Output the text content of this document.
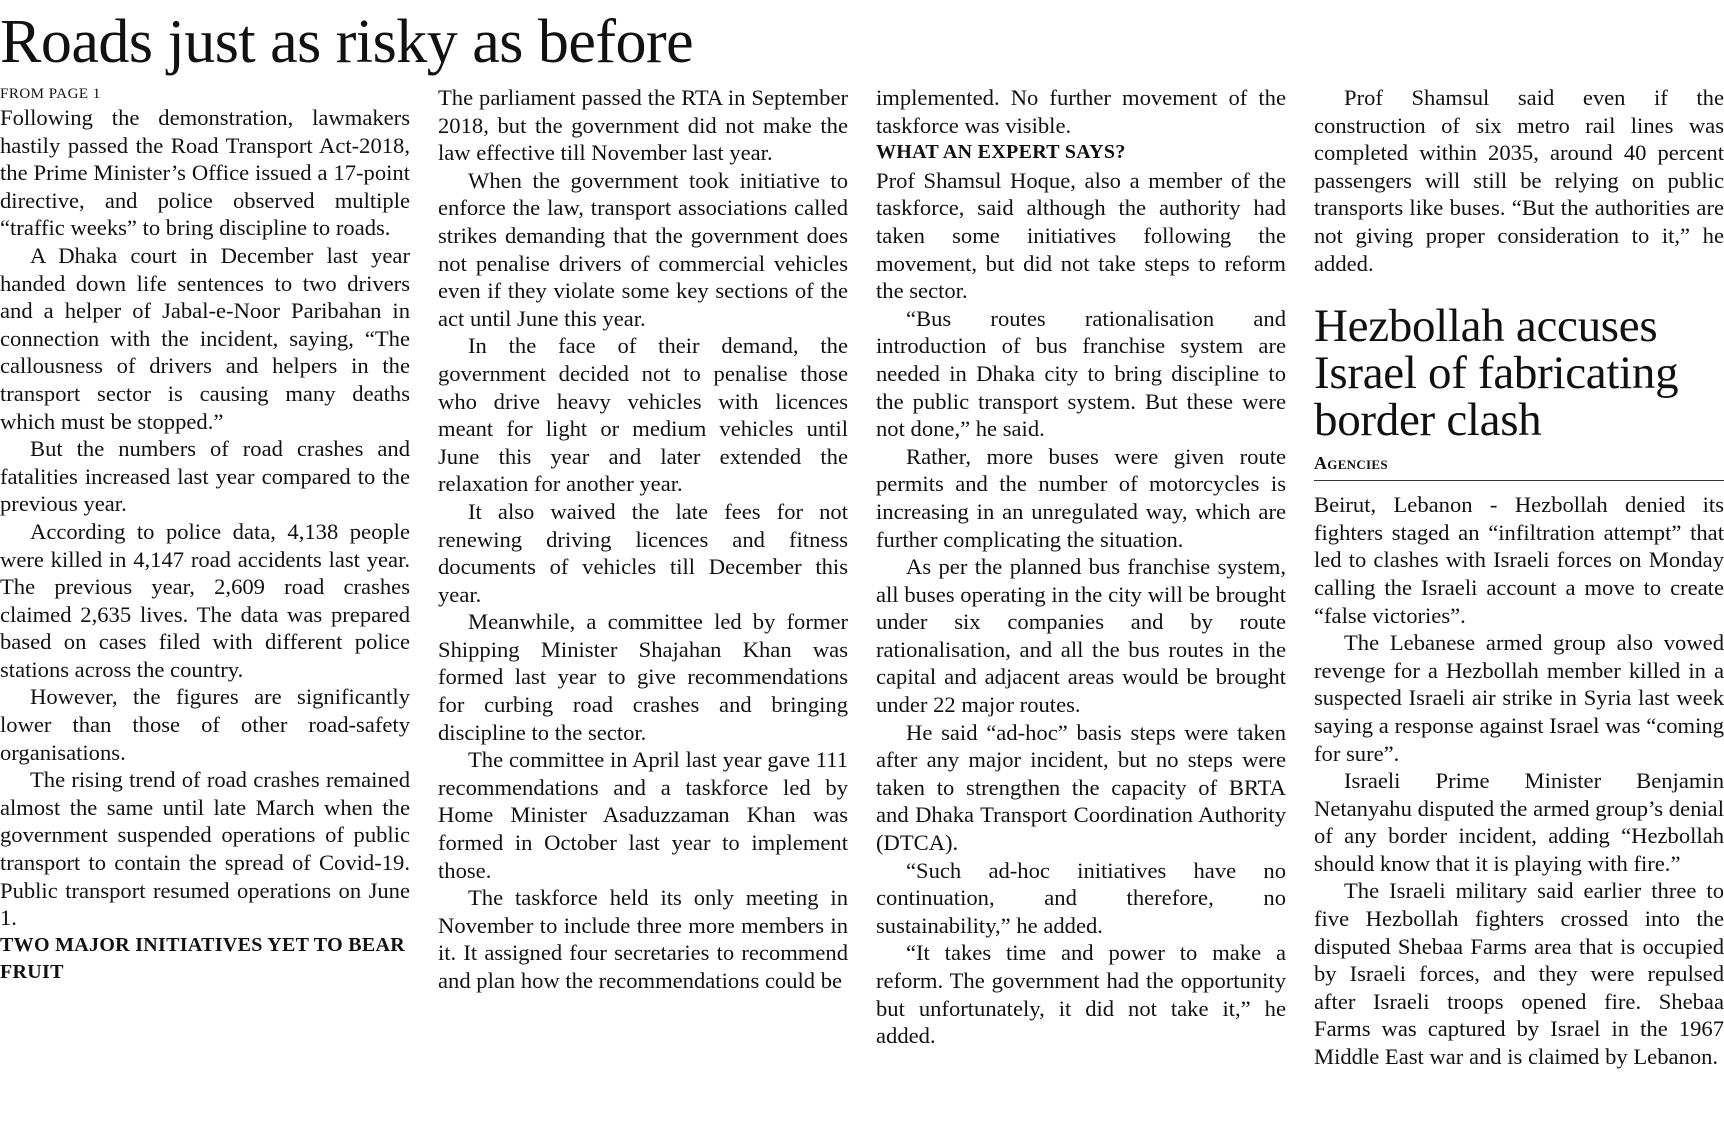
Roads just as risky as before
FROM PAGE 1

Following the demonstration, lawmakers hastily passed the Road Transport Act-2018, the Prime Minister’s Office issued a 17-point directive, and police observed multiple “traffic weeks” to bring discipline to roads.

A Dhaka court in December last year handed down life sentences to two drivers and a helper of Jabal-e-Noor Paribahan in connection with the incident, saying, “The callousness of drivers and helpers in the transport sector is causing many deaths which must be stopped.”

But the numbers of road crashes and fatalities increased last year compared to the previous year.

According to police data, 4,138 people were killed in 4,147 road accidents last year. The previous year, 2,609 road crashes claimed 2,635 lives. The data was prepared based on cases filed with different police stations across the country.

However, the figures are significantly lower than those of other road-safety organisations.

The rising trend of road crashes remained almost the same until late March when the government suspended operations of public transport to contain the spread of Covid-19. Public transport resumed operations on June 1.

TWO MAJOR INITIATIVES YET TO BEAR FRUIT

The parliament passed the RTA in September 2018, but the government did not make the law effective till November last year.

When the government took initiative to enforce the law, transport associations called strikes demanding that the government does not penalise drivers of commercial vehicles even if they violate some key sections of the act until June this year.

In the face of their demand, the government decided not to penalise those who drive heavy vehicles with licences meant for light or medium vehicles until June this year and later extended the relaxation for another year.

It also waived the late fees for not renewing driving licences and fitness documents of vehicles till December this year.

Meanwhile, a committee led by former Shipping Minister Shajahan Khan was formed last year to give recommendations for curbing road crashes and bringing discipline to the sector.

The committee in April last year gave 111 recommendations and a taskforce led by Home Minister Asaduzzaman Khan was formed in October last year to implement those.

The taskforce held its only meeting in November to include three more members in it. It assigned four secretaries to recommend and plan how the recommendations could be

implemented. No further movement of the taskforce was visible.

WHAT AN EXPERT SAYS?

Prof Shamsul Hoque, also a member of the taskforce, said although the authority had taken some initiatives following the movement, but did not take steps to reform the sector.

“Bus routes rationalisation and introduction of bus franchise system are needed in Dhaka city to bring discipline to the public transport system. But these were not done,” he said.

Rather, more buses were given route permits and the number of motorcycles is increasing in an unregulated way, which are further complicating the situation.

As per the planned bus franchise system, all buses operating in the city will be brought under six companies and by route rationalisation, and all the bus routes in the capital and adjacent areas would be brought under 22 major routes.

He said “ad-hoc” basis steps were taken after any major incident, but no steps were taken to strengthen the capacity of BRTA and Dhaka Transport Coordination Authority (DTCA).

“Such ad-hoc initiatives have no continuation, and therefore, no sustainability,” he added.

“It takes time and power to make a reform. The government had the opportunity but unfortunately, it did not take it,” he added.

Prof Shamsul said even if the construction of six metro rail lines was completed within 2035, around 40 percent passengers will still be relying on public transports like buses. “But the authorities are not giving proper consideration to it,” he added.

Hezbollah accuses Israel of fabricating border clash
Agencies

Beirut, Lebanon - Hezbollah denied its fighters staged an “infiltration attempt” that led to clashes with Israeli forces on Monday calling the Israeli account a move to create “false victories”.

The Lebanese armed group also vowed revenge for a Hezbollah member killed in a suspected Israeli air strike in Syria last week saying a response against Israel was “coming for sure”.

Israeli Prime Minister Benjamin Netanyahu disputed the armed group’s denial of any border incident, adding “Hezbollah should know that it is playing with fire.”

The Israeli military said earlier three to five Hezbollah fighters crossed into the disputed Shebaa Farms area that is occupied by Israeli forces, and they were repulsed after Israeli troops opened fire. Shebaa Farms was captured by Israel in the 1967 Middle East war and is claimed by Lebanon.
